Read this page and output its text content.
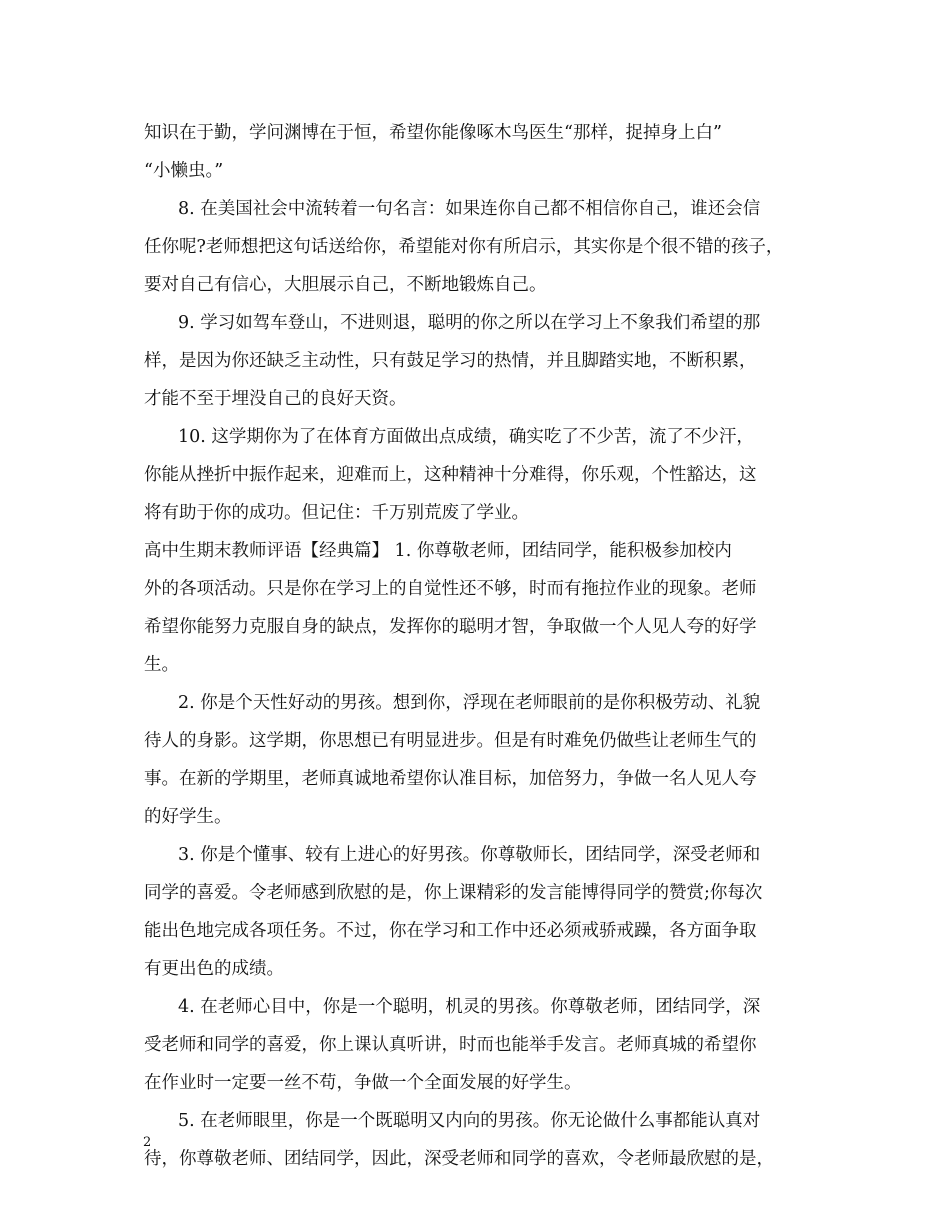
知识在于勤，学问渊博在于恒，希望你能像啄木鸟医生“那样，捉掉身上白”
“小懒虫。”
8. 在美国社会中流转着一句名言：如果连你自己都不相信你自己，谁还会信
任你呢?老师想把这句话送给你，希望能对你有所启示，其实你是个很不错的孩子，
要对自己有信心，大胆展示自己，不断地锻炼自己。
9. 学习如驾车登山，不进则退，聪明的你之所以在学习上不象我们希望的那
样，是因为你还缺乏主动性，只有鼓足学习的热情，并且脚踏实地，不断积累，
才能不至于埋没自己的良好天资。
10. 这学期你为了在体育方面做出点成绩，确实吃了不少苦，流了不少汗，
你能从挫折中振作起来，迎难而上，这种精神十分难得，你乐观，个性豁达，这
将有助于你的成功。但记住：千万别荒废了学业。
高中生期末教师评语【经典篇】 1. 你尊敬老师，团结同学，能积极参加校内
外的各项活动。只是你在学习上的自觉性还不够，时而有拖拉作业的现象。老师
希望你能努力克服自身的缺点，发挥你的聪明才智，争取做一个人见人夸的好学
生。
2. 你是个天性好动的男孩。想到你，浮现在老师眼前的是你积极劳动、礼貌
待人的身影。这学期，你思想已有明显进步。但是有时难免仍做些让老师生气的
事。在新的学期里，老师真诚地希望你认准目标，加倍努力，争做一名人见人夸
的好学生。
3. 你是个懂事、较有上进心的好男孩。你尊敬师长，团结同学，深受老师和
同学的喜爱。令老师感到欣慰的是，你上课精彩的发言能博得同学的赞赏;你每次
能出色地完成各项任务。不过，你在学习和工作中还必须戒骄戒躁，各方面争取
有更出色的成绩。
4. 在老师心目中，你是一个聪明，机灵的男孩。你尊敬老师，团结同学，深
受老师和同学的喜爱，你上课认真听讲，时而也能举手发言。老师真城的希望你
在作业时一定要一丝不苟，争做一个全面发展的好学生。
5. 在老师眼里，你是一个既聪明又内向的男孩。你无论做什么事都能认真对
待，你尊敬老师、团结同学，因此，深受老师和同学的喜欢，令老师最欣慰的是，
2
